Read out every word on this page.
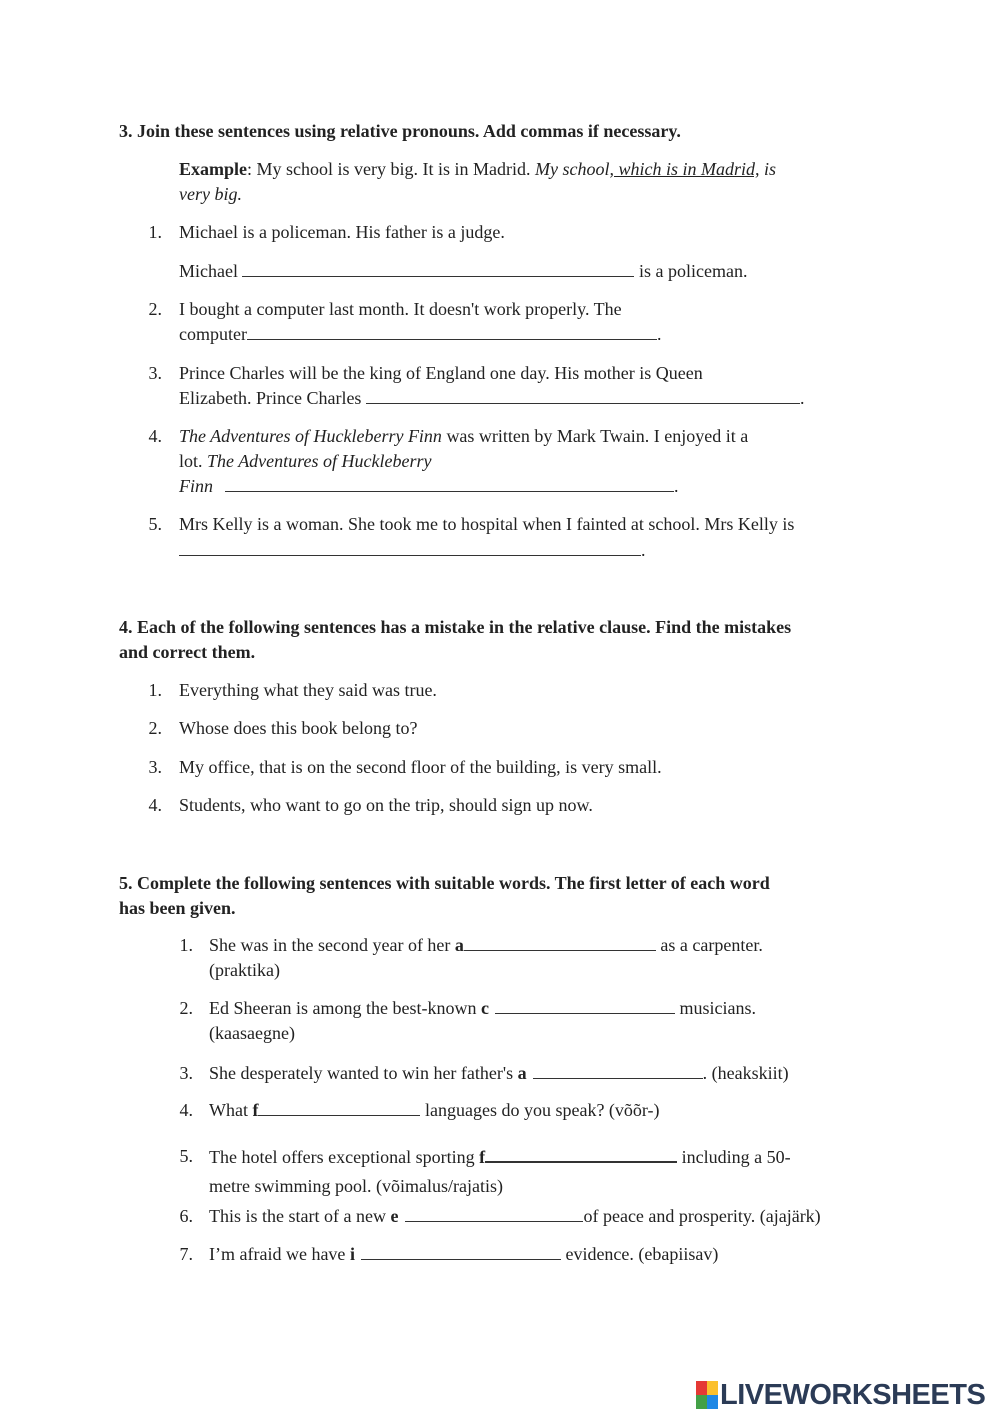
3. Join these sentences using relative pronouns. Add commas if necessary.
Example: My school is very big. It is in Madrid. My school, which is in Madrid, is
very big.
1. Michael is a policeman. His father is a judge.
Michael	is a policeman.
2. I bought a computer last month. It doesn't work properly. The
computer	.
3. Prince Charles will be the king of England one day. His mother is Queen
Elizabeth. Prince Charles	.
4. The Adventures of Huckleberry Finn was written by Mark Twain. I enjoyed it a
lot. The Adventures of Huckleberry
Finn	.
5. Mrs Kelly is a woman. She took me to hospital when I fainted at school. Mrs Kelly is
.
4. Each of the following sentences has a mistake in the relative clause. Find the mistakes
and correct them.
1. Everything what they said was true.
2. Whose does this book belong to?
3. My office, that is on the second floor of the building, is very small.
4. Students, who want to go on the trip, should sign up now.
5. Complete the following sentences with suitable words. The first letter of each word
has been given.
1. She was in the second year of her a	as a carpenter.
(praktika)
2. Ed Sheeran is among the best-known c	musicians.
(kaasaegne)
3. She desperately wanted to win her father's a	. (heakskiit)
4. What f	languages do you speak? (võõr-)
5. The hotel offers exceptional sporting f	including a 50-
metre swimming pool. (võimalus/rajatis)
6. This is the start of a new e	of peace and prosperity. (ajajärk)
7. I’m afraid we have i	evidence. (ebapiisav)
LIVEWORKSHEETS
